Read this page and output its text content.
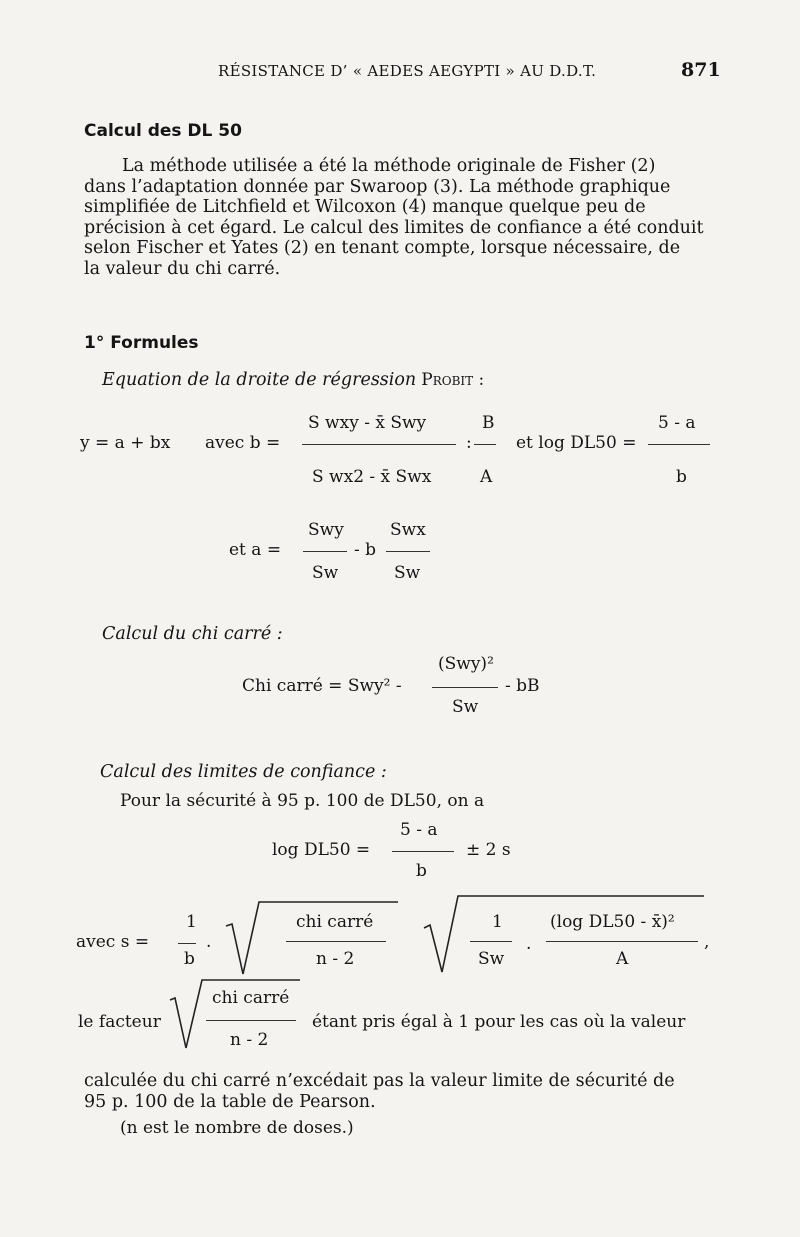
RÉSISTANCE D’ « AEDES AEGYPTI » AU D.D.T.	871
Calcul des DL 50
La méthode utilisée a été la méthode originale de Fisher (2)
dans l’adaptation donnée par Swaroop (3). La méthode graphique
simplifiée de Litchfield et Wilcoxon (4) manque quelque peu de
précision à cet égard. Le calcul des limites de confiance a été conduit
selon Fischer et Yates (2) en tenant compte, lorsque nécessaire, de
la valeur du chi carré.
1° Formules
Equation de la droite de régression Probit :
y = a + bx avec b =
S wxy - x̄ Swy
S wx2 - x̄ Swx
B
:
A
et log DL50 =
5 - a
b
et a =
Swy
Sw
- b
Swx
Sw
Calcul du chi carré :
Chi carré = Swy² -
(Swy)²
Sw
- bB
Calcul des limites de confiance :
Pour la sécurité à 95 p. 100 de DL50, on a
log DL50 =
5 - a
b
± 2 s
avec s =
1
b
.
chi carré
n - 2
1
Sw
.
(log DL50 - x̄)²
A
,
le facteur
chi carré
n - 2
étant pris égal à 1 pour les cas où la valeur
calculée du chi carré n’excédait pas la valeur limite de sécurité de
95 p. 100 de la table de Pearson.
(n est le nombre de doses.)
